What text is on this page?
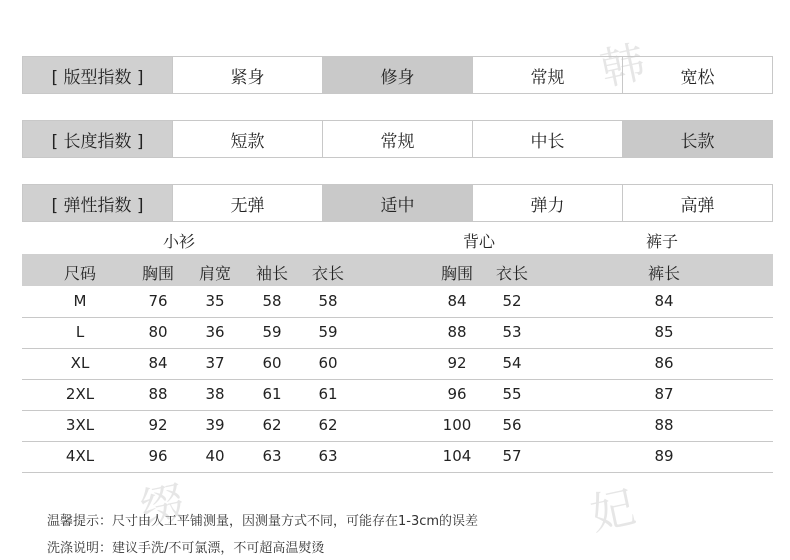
韩
缀	妃
[ 版型指数 ]	紧身	修身	常规	宽松
[ 长度指数 ]	短款	常规	中长	长款
[ 弹性指数 ]	无弹	适中	弹力	高弹
小衫	背心	裤子
尺码	胸围 肩宽 袖长 衣长	胸围 衣长	裤长
M	76	35	58 58	84 52	84
L	80	36	59 59	88 53	85
XL	84	37	60 60	92 54	86
2XL	88	38	61 61	96 55	87
3XL	92	39	62 62	100 56	88
4XL	96	40	63 63	104 57	89
温馨提示：尺寸由人工平铺测量，因测量方式不同，可能存在1-3cm的误差
洗涤说明：建议手洗/不可氯漂，不可超高温熨烫
